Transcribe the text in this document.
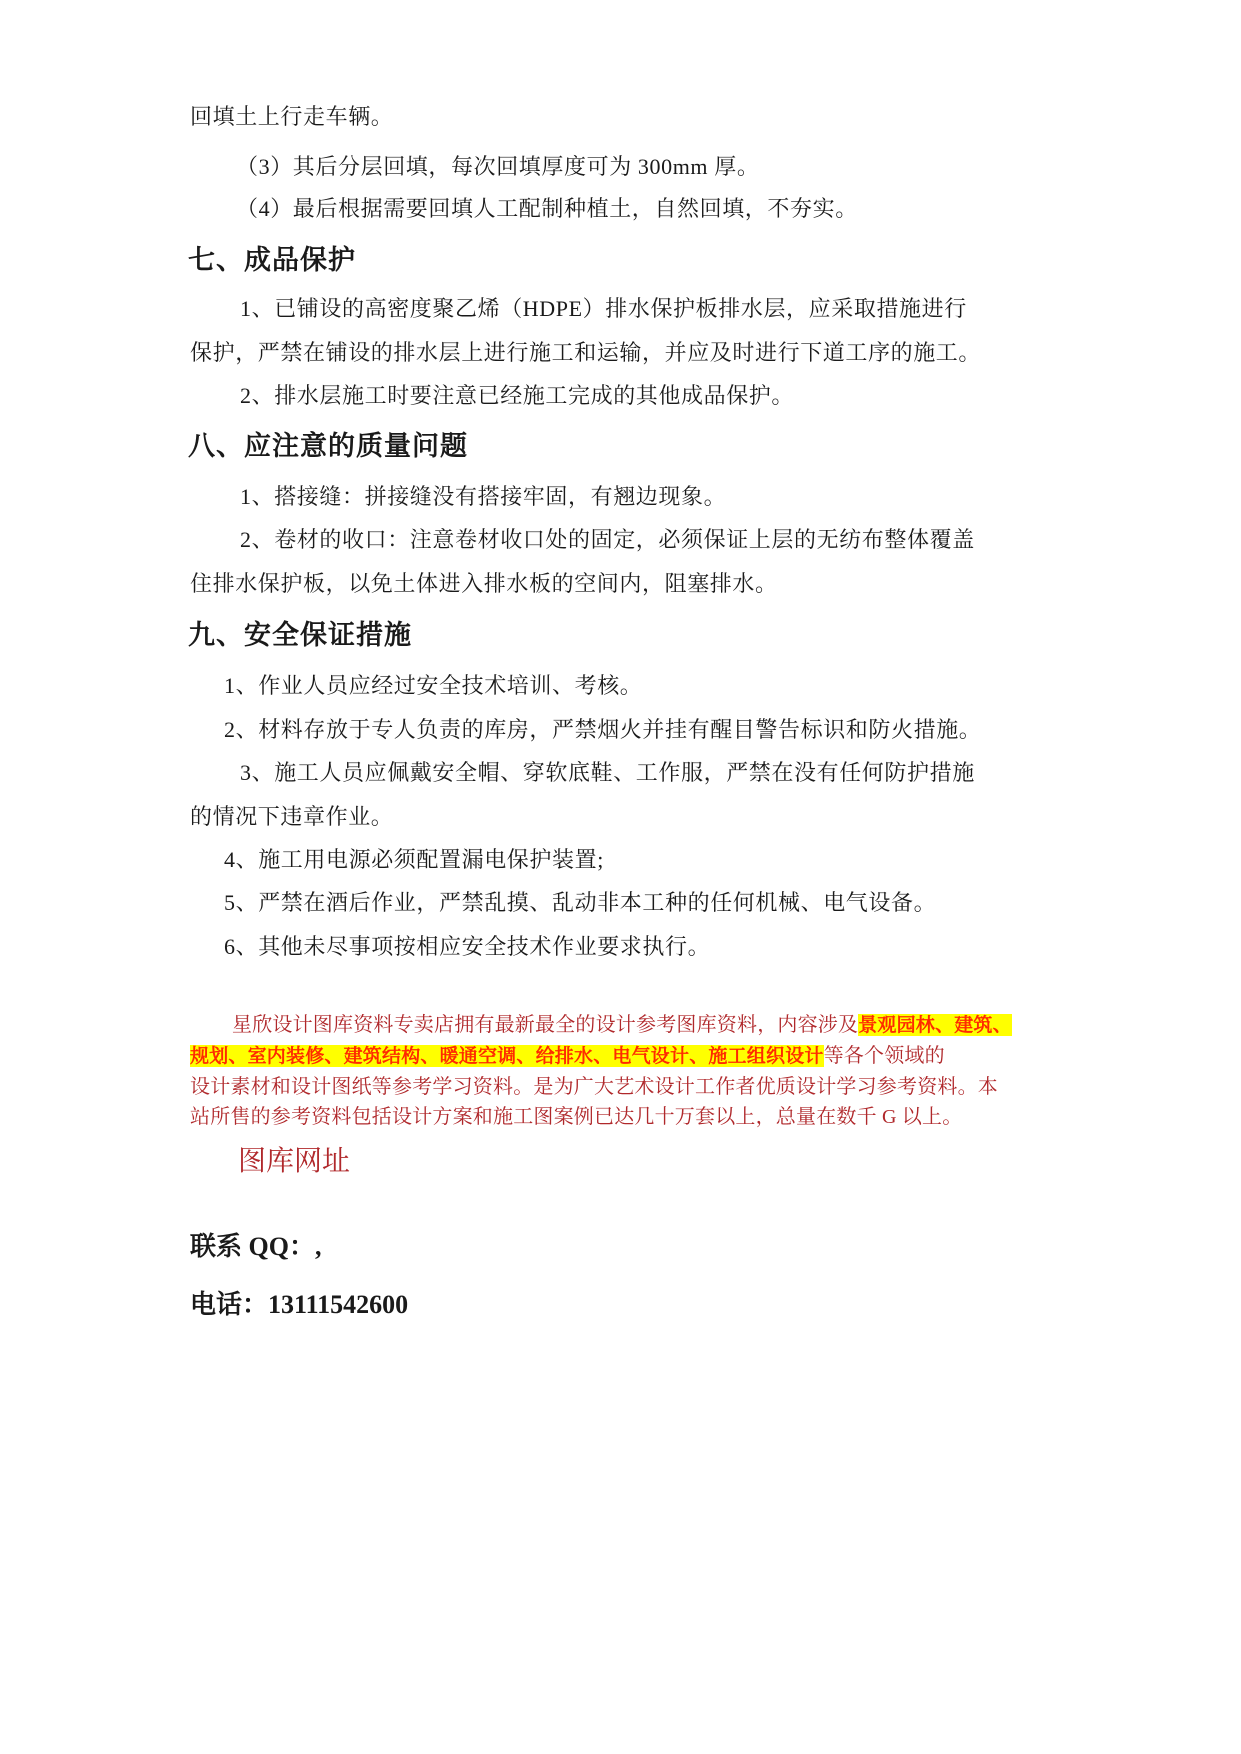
回填土上行走车辆。
（3）其后分层回填，每次回填厚度可为 300mm 厚。
（4）最后根据需要回填人工配制种植土，自然回填，不夯实。
七、成品保护
1、已铺设的高密度聚乙烯（HDPE）排水保护板排水层，应采取措施进行
保护，严禁在铺设的排水层上进行施工和运输，并应及时进行下道工序的施工。
2、排水层施工时要注意已经施工完成的其他成品保护。
八、应注意的质量问题
1、搭接缝：拼接缝没有搭接牢固，有翘边现象。
2、卷材的收口：注意卷材收口处的固定，必须保证上层的无纺布整体覆盖
住排水保护板，以免土体进入排水板的空间内，阻塞排水。
九、安全保证措施
1、作业人员应经过安全技术培训、考核。
2、材料存放于专人负责的库房，严禁烟火并挂有醒目警告标识和防火措施。
3、施工人员应佩戴安全帽、穿软底鞋、工作服，严禁在没有任何防护措施
的情况下违章作业。
4、施工用电源必须配置漏电保护装置;
5、严禁在酒后作业，严禁乱摸、乱动非本工种的任何机械、电气设备。
6、其他未尽事项按相应安全技术作业要求执行。
星欣设计图库资料专卖店拥有最新最全的设计参考图库资料，内容涉及景观园林、建筑、
规划、室内装修、建筑结构、暖通空调、给排水、电气设计、施工组织设计等各个领域的
设计素材和设计图纸等参考学习资料。是为广大艺术设计工作者优质设计学习参考资料。本
站所售的参考资料包括设计方案和施工图案例已达几十万套以上，总量在数千 G 以上。
图库网址
联系 QQ：,
电话：13111542600
